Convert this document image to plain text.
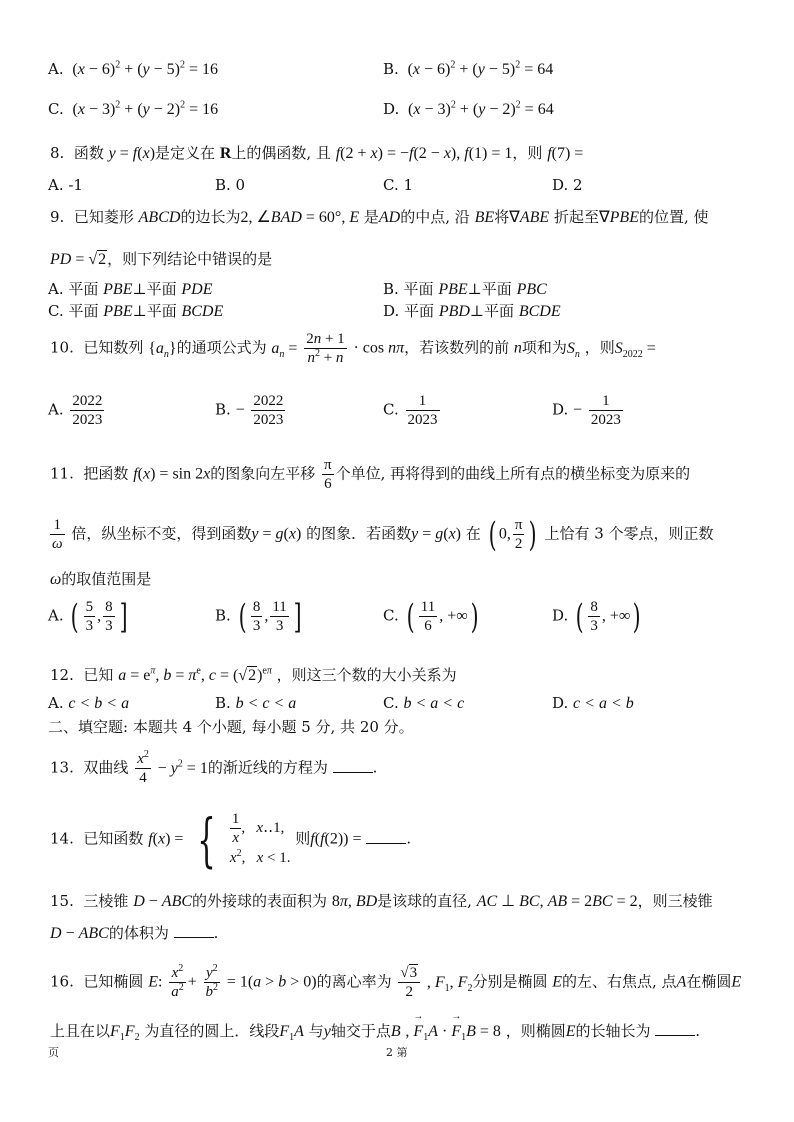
A.  $(x - 6)^2 + (y - 5)^2 = 16$	B.  $(x - 6)^2 + (y - 5)^2 = 64$
C.  $(x - 3)^2 + (y - 2)^2 = 16$	D.  $(x - 3)^2 + (y - 2)^2 = 64$
8. 函数 y = f(x)是定义在 R上的偶函数, 且 f(2 + x) = −f(2 − x), f(1) = 1，则 f(7) =
A. -1	B. 0	C. 1	D. 2
9. 已知菱形 ABCD的边长为2, ∠BAD = 60°, E 是AD的中点, 沿 BE将∇ABE 折起至∇PBE的位置, 使
PD = √2，则下列结论中错误的是
A. 平面 PBE⊥平面 PDE	B. 平面 PBE⊥平面 PBC
C. 平面 PBE⊥平面 BCDE	D. 平面 PBD⊥平面 BCDE
10. 已知数列 $\{a_n\}$的通项公式为 $a_n = \frac{2n + 1}{n^2 + n} \cdot \cos n\pi$，若该数列的前 n项和为$S_n$ ，则$S_{2022}$ =
A. $\frac{2022}{2023}$	B. − $\frac{2022}{2023}$	C. $\frac{1}{2023}$	D. − $\frac{1}{2023}$
11. 把函数 f(x) = sin 2x的图象向左平移 $\frac{\pi}{6}$ 个单位, 再将得到的曲线上所有点的横坐标变为原来的
$\frac{1}{\omega}$ 倍，纵坐标不变，得到函数y = g(x) 的图象．若函数y = g(x) 在 ( 0, $\frac{\pi}{2}$ ) 上恰有 3 个零点，则正数
ω的取值范围是
A. ( $\frac{5}{3}$ , $\frac{8}{3}$ ]	B. ( $\frac{8}{3}$ , $\frac{11}{3}$ ]	C. ( $\frac{11}{6}$ , +∞)	D. ( $\frac{8}{3}$ , +∞)
12. 已知 $a = e^\pi$, $b = \pi^e$, $c = (√2)^{e\pi}$ ，则这三个数的大小关系为
A. c < b < a	B. b < c < a	C. b < a < c	D. c < a < b
二、填空题: 本题共 4 个小题, 每小题 5 分, 共 20 分。
13. 双曲线 $\frac{x^2}{4} - y^2 = 1$的渐近线的方程为	.
14. 已知函数 f(x) = { $\frac{1}{x}$ ,   x‥1,
$x^2$,   x < 1.
则f(f(2)) =	.
15. 三棱锥 D − ABC的外接球的表面积为 8π, BD是该球的直径, AC ⊥ BC, AB = 2BC = 2，则三棱锥
D − ABC的体积为	.
16. 已知椭圆 E: $\frac{x^2}{a^2} + \frac{y^2}{b^2} = 1(a > b > 0)$的离心率为 $\frac{√3}{2}$ , $F_1$, $F_2$分别是椭圆 E的左、右焦点, 点A在椭圆E
上且在以$F_1F_2$ 为直径的圆上．线段$F_1A$ 与y轴交于点B , → $F_1A$ · → $F_1B = 8$ ，则椭圆E的长轴长为	.
页	2 第
